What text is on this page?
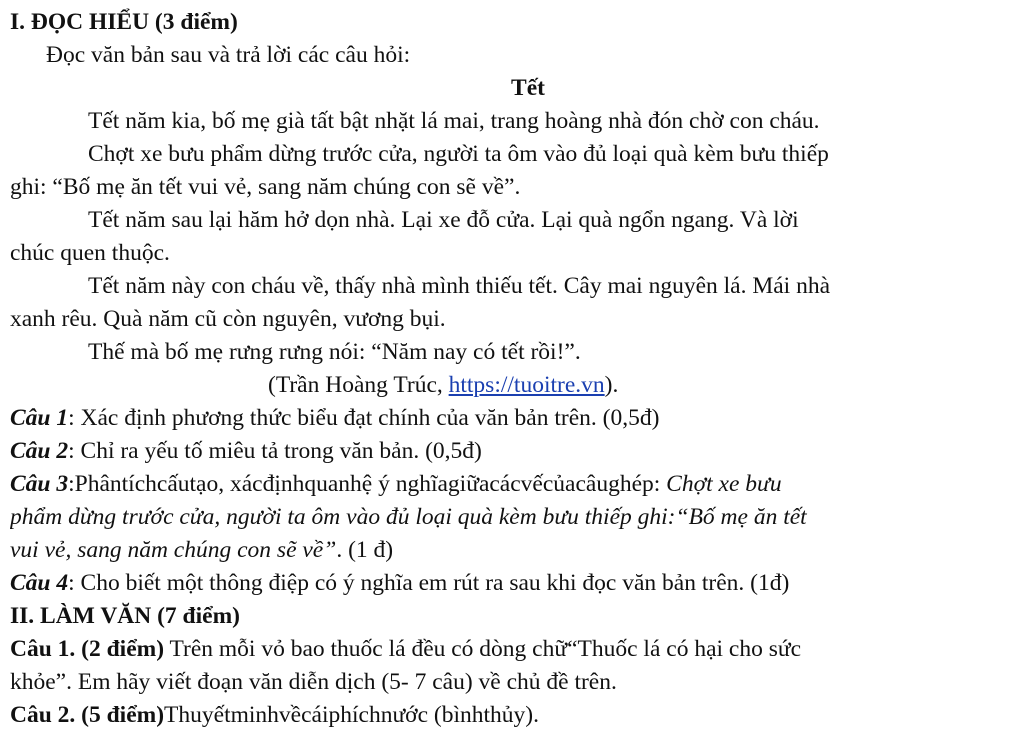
I. ĐỌC HIỂU (3 điểm)

Đọc văn bản sau và trả lời các câu hỏi:

Tết

Tết năm kia, bố mẹ già tất bật nhặt lá mai, trang hoàng nhà đón chờ con cháu.

Chợt xe bưu phẩm dừng trước cửa, người ta ôm vào đủ loại quà kèm bưu thiếp

ghi: “Bố mẹ ăn tết vui vẻ, sang năm chúng con sẽ về”.

Tết năm sau lại hăm hở dọn nhà. Lại xe đỗ cửa. Lại quà ngổn ngang. Và lời

chúc quen thuộc.

Tết năm này con cháu về, thấy nhà mình thiếu tết. Cây mai nguyên lá. Mái nhà

xanh rêu. Quà năm cũ còn nguyên, vương bụi.

Thế mà bố mẹ rưng rưng nói: “Năm nay có tết rồi!”.

(Trần Hoàng Trúc, https://tuoitre.vn).

Câu 1: Xác định phương thức biểu đạt chính của văn bản trên. (0,5đ)

Câu 2: Chỉ ra yếu tố miêu tả trong văn bản. (0,5đ)

Câu 3:Phântíchcấutạo, xácđịnhquanhệ ý nghĩagiữacácvếcủacâughép: Chợt xe bưu

phẩm dừng trước cửa, người ta ôm vào đủ loại quà kèm bưu thiếp ghi:“Bố mẹ ăn tết

vui vẻ, sang năm chúng con sẽ về”. (1 đ)

Câu 4: Cho biết một thông điệp có ý nghĩa em rút ra sau khi đọc văn bản trên. (1đ)

II. LÀM VĂN (7 điểm)

Câu 1. (2 điểm) Trên mỗi vỏ bao thuốc lá đều có dòng chữ“Thuốc lá có hại cho sức

khỏe”. Em hãy viết đoạn văn diễn dịch (5- 7 câu) về chủ đề trên.

Câu 2. (5 điểm)Thuyếtminhvềcáiphíchnước (bìnhthủy).
